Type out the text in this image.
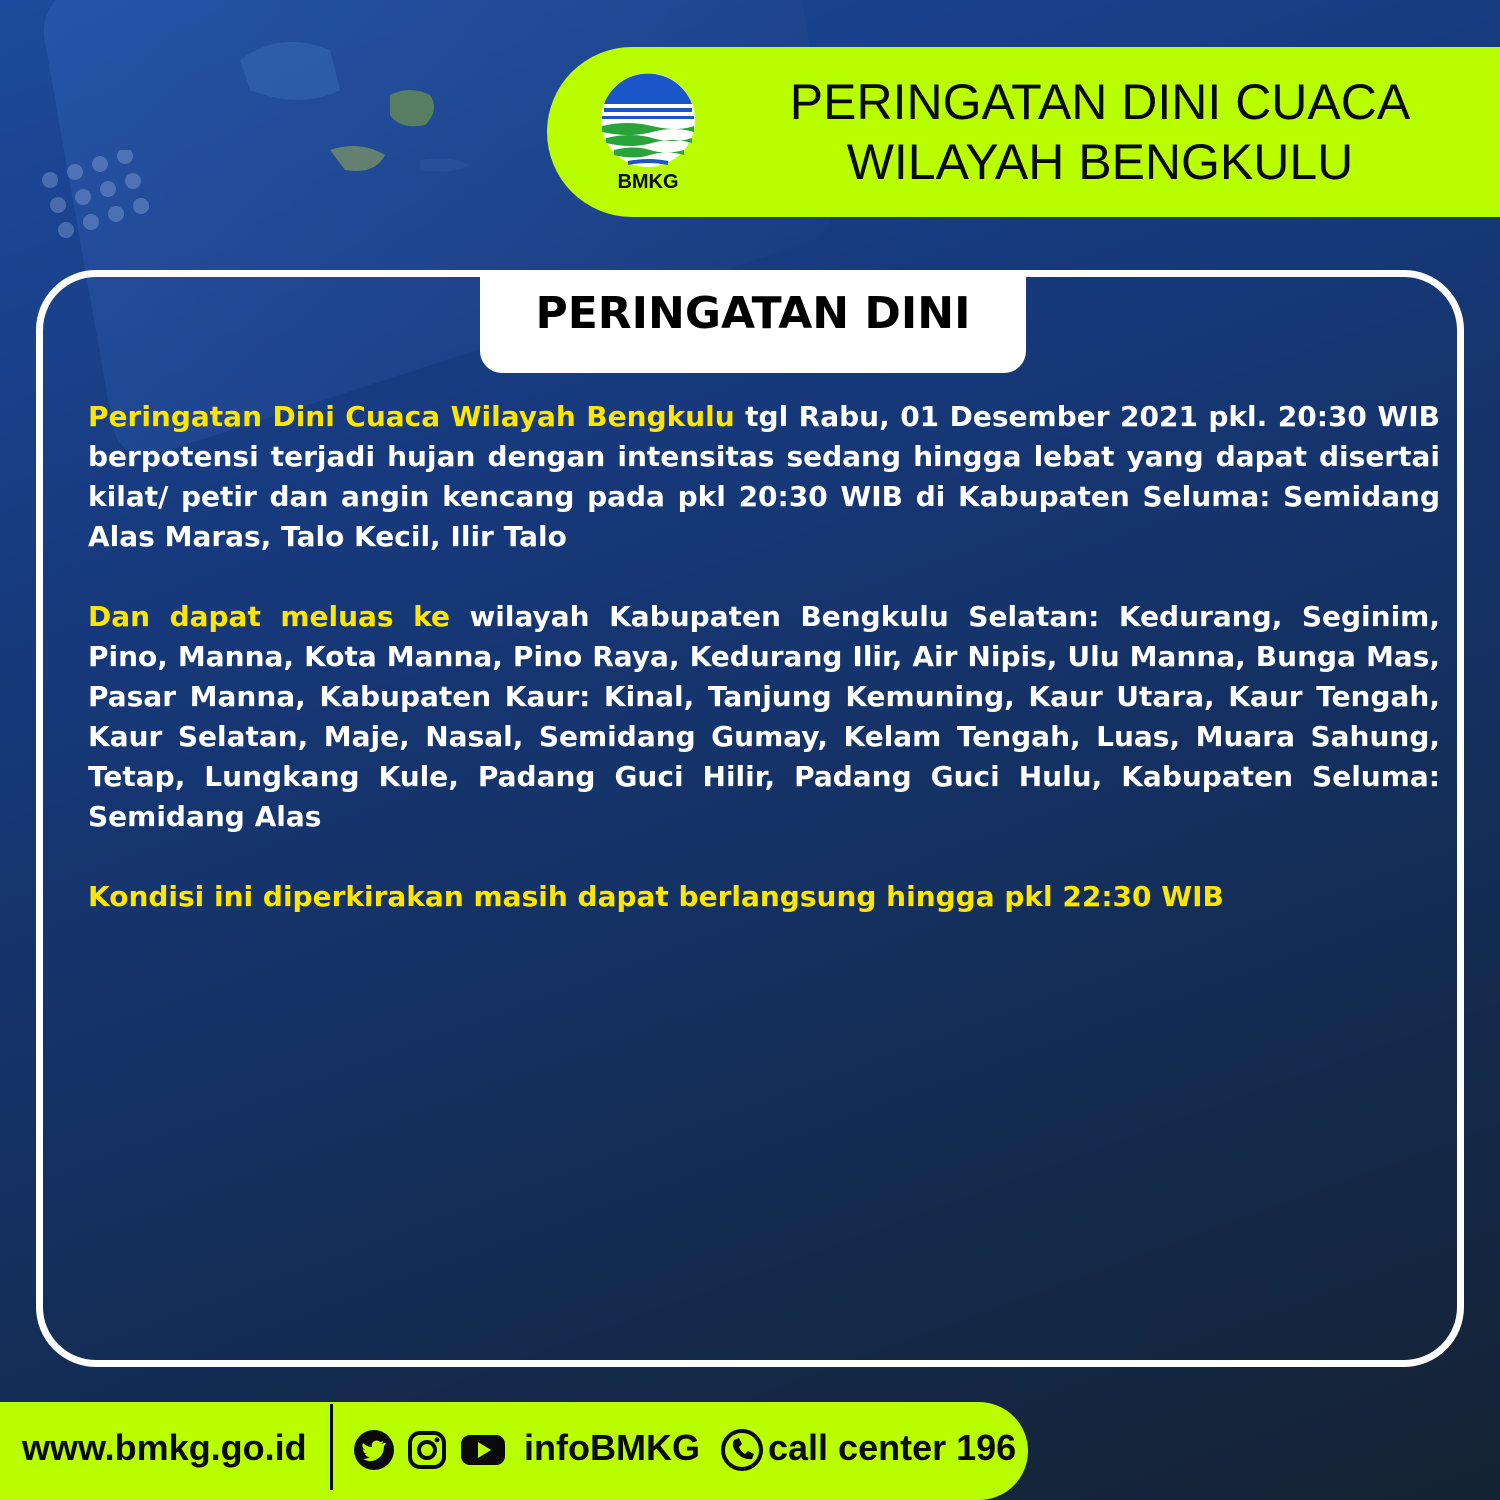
BMKG
PERINGATAN DINI CUACA
WILAYAH BENGKULU
PERINGATAN DINI

Peringatan Dini Cuaca Wilayah Bengkulu tgl Rabu, 01 Desember 2021 pkl. 20:30 WIB berpotensi terjadi hujan dengan intensitas sedang hingga lebat yang dapat disertai kilat/ petir dan angin kencang pada pkl 20:30 WIB di Kabupaten Seluma: Semidang Alas Maras, Talo Kecil, Ilir Talo

Dan dapat meluas ke wilayah Kabupaten Bengkulu Selatan: Kedurang, Seginim, Pino, Manna, Kota Manna, Pino Raya, Kedurang Ilir, Air Nipis, Ulu Manna, Bunga Mas, Pasar Manna, Kabupaten Kaur: Kinal, Tanjung Kemuning, Kaur Utara, Kaur Tengah, Kaur Selatan, Maje, Nasal, Semidang Gumay, Kelam Tengah, Luas, Muara Sahung, Tetap, Lungkang Kule, Padang Guci Hilir, Padang Guci Hulu, Kabupaten Seluma: Semidang Alas

Kondisi ini diperkirakan masih dapat berlangsung hingga pkl 22:30 WIB

www.bmkg.go.id	infoBMKG call center 196
